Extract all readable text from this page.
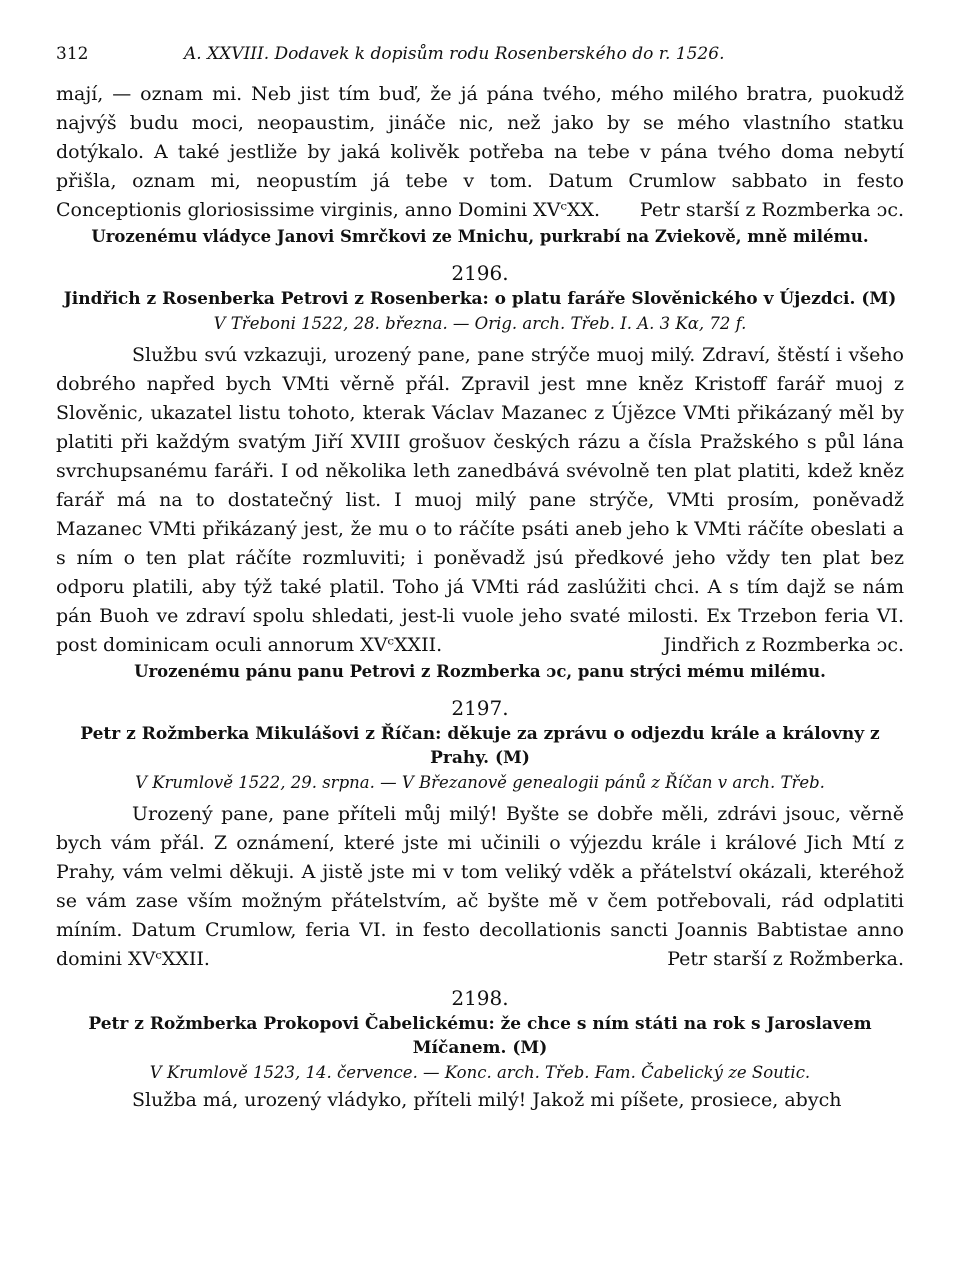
312	A. XXVIII. Dodavek k dopisům rodu Rosenberského do r. 1526.

mají, — oznam mi. Neb jist tím buď, že já pána tvého, mého milého bratra, puokudž najvýš budu moci, neopaustim, jináče nic, než jako by se mého vlastního statku dotýkalo. A také jestliže by jaká kolivěk potřeba na tebe v pána tvého doma nebytí přišla, oznam mi, neopustím já tebe v tom. Datum Crumlow sabbato in festo Conceptionis gloriosissime virginis, anno Domini XVᶜXX. Petr starší z Rozmberka ɔc.

Urozenému vládyce Janovi Smrčkovi ze Mnichu, purkrabí na Zviekově, mně milému.

2196.

Jindřich z Rosenberka Petrovi z Rosenberka: o platu faráře Slověnického v Újezdci. (M)

V Třeboni 1522, 28. března. — Orig. arch. Třeb. I. A. 3 Kα, 72 f.

Službu svú vzkazuji, urozený pane, pane strýče muoj milý. Zdraví, štěstí i všeho dobrého napřed bych VMti věrně přál. Zpravil jest mne kněz Kristoff farář muoj z Slověnic, ukazatel listu tohoto, kterak Václav Mazanec z Újězce VMti přikázaný měl by platiti při každým svatým Jiří XVIII grošuov českých rázu a čísla Pražského s půl lána svrchupsanému faráři. I od několika leth zanedbává svévolně ten plat platiti, kdež kněz farář má na to dostatečný list. I muoj milý pane strýče, VMti prosím, poněvadž Mazanec VMti přikázaný jest, že mu o to ráčíte psáti aneb jeho k VMti ráčíte obeslati a s ním o ten plat ráčíte rozmluviti; i poněvadž jsú předkové jeho vždy ten plat bez odporu platili, aby týž také platil. Toho já VMti rád zaslúžiti chci. A s tím dajž se nám pán Buoh ve zdraví spolu shledati, jest-li vuole jeho svaté milosti. Ex Trzebon feria VI. post dominicam oculi annorum XVᶜXXII.	Jindřich z Rozmberka ɔc.

Urozenému pánu panu Petrovi z Rozmberka ɔc, panu strýci mému milému.

2197.

Petr z Rožmberka Mikulášovi z Říčan: děkuje za zprávu o odjezdu krále a královny z Prahy. (M)

V Krumlově 1522, 29. srpna. — V Březanově genealogii pánů z Říčan v arch. Třeb.

Urozený pane, pane příteli můj milý! Byšte se dobře měli, zdrávi jsouc, věrně bych vám přál. Z oznámení, které jste mi učinili o výjezdu krále i králové Jich Mtí z Prahy, vám velmi děkuji. A jistě jste mi v tom veliký vděk a přátelství okázali, kteréhož se vám zase vším možným přátelstvím, ač byšte mě v čem potřebovali, rád odplatiti míním. Datum Crumlow, feria VI. in festo decollationis sancti Joannis Babtistae anno domini XVᶜXXII.	Petr starší z Rožmberka.

2198.

Petr z Rožmberka Prokopovi Čabelickému: že chce s ním státi na rok s Jaroslavem Míčanem. (M)

V Krumlově 1523, 14. července. — Konc. arch. Třeb. Fam. Čabelický ze Soutic.

Služba má, urozený vládyko, příteli milý! Jakož mi píšete, prosiece, abych
